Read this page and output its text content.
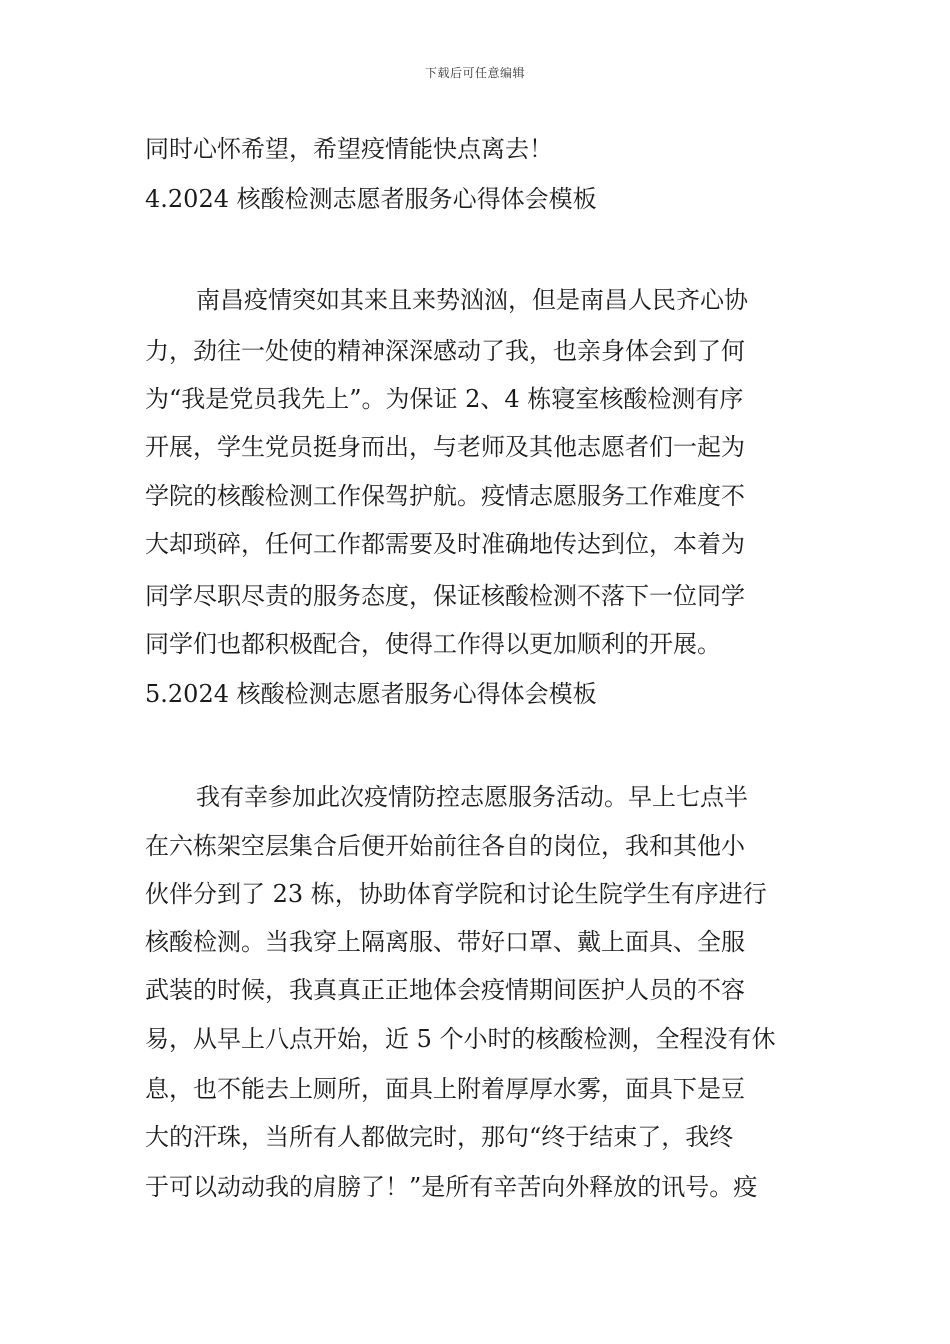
下载后可任意编辑
同时心怀希望，希望疫情能快点离去！
4.2024 核酸检测志愿者服务心得体会模板
南昌疫情突如其来且来势汹汹，但是南昌人民齐心协
力，劲往一处使的精神深深感动了我，也亲身体会到了何
为“我是党员我先上”。为保证 2、4 栋寝室核酸检测有序
开展，学生党员挺身而出，与老师及其他志愿者们一起为
学院的核酸检测工作保驾护航。疫情志愿服务工作难度不
大却琐碎，任何工作都需要及时准确地传达到位，本着为
同学尽职尽责的服务态度，保证核酸检测不落下一位同学
同学们也都积极配合，使得工作得以更加顺利的开展。
5.2024 核酸检测志愿者服务心得体会模板
我有幸参加此次疫情防控志愿服务活动。早上七点半
在六栋架空层集合后便开始前往各自的岗位，我和其他小
伙伴分到了 23 栋，协助体育学院和讨论生院学生有序进行
核酸检测。当我穿上隔离服、带好口罩、戴上面具、全服
武装的时候，我真真正正地体会疫情期间医护人员的不容
易，从早上八点开始，近 5 个小时的核酸检测，全程没有休
息，也不能去上厕所，面具上附着厚厚水雾，面具下是豆
大的汗珠，当所有人都做完时，那句“终于结束了，我终
于可以动动我的肩膀了！”是所有辛苦向外释放的讯号。疫
